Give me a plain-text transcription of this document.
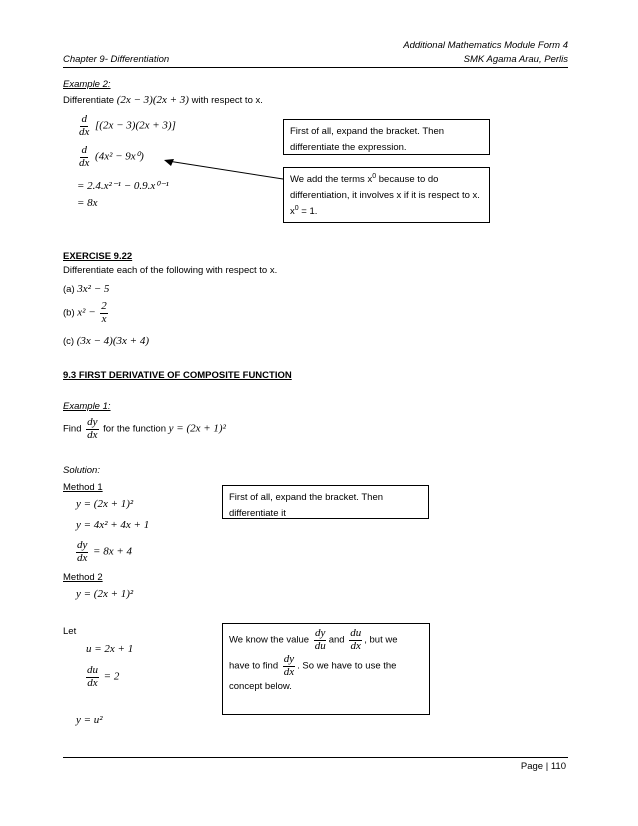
Additional Mathematics Module Form 4
Chapter 9- Differentiation	SMK Agama Arau, Perlis
Example 2:
Differentiate (2x − 3)(2x + 3) with respect to x.
$\frac{d}{dx} [(2x - 3)(2x + 3)]$
$\frac{d}{dx} (4x^2 - 9x^0)$
= 2.4.x²⁻¹ − 0.9.x⁰⁻¹
= 8x
First of all, expand the bracket. Then differentiate the expression.
We add the terms $x^0$ because to do differentiation, it involves x if it is respect to x. $x^0 = 1$.
EXERCISE 9.22
Differentiate each of the following with respect to x.
(a) 3x² − 5
(b) $x^2 - \frac{2}{x}$
(c) (3x − 4)(3x + 4)
9.3 FIRST DERIVATIVE OF COMPOSITE FUNCTION
Example 1:
Find $\frac{dy}{dx}$ for the function y = (2x + 1)²
Solution:
Method 1
y = (2x + 1)²
y = 4x² + 4x + 1
$\frac{dy}{dx} = 8x + 4$
Method 2
y = (2x + 1)²
First of all, expand the bracket. Then differentiate it
Let
u = 2x + 1
$\frac{du}{dx} = 2$
y = u²
We know the value $\frac{dy}{du}$ and $\frac{du}{dx}$ , but we
have to find $\frac{dy}{dx}$ . So we have to use the
concept below.
Page | 110
